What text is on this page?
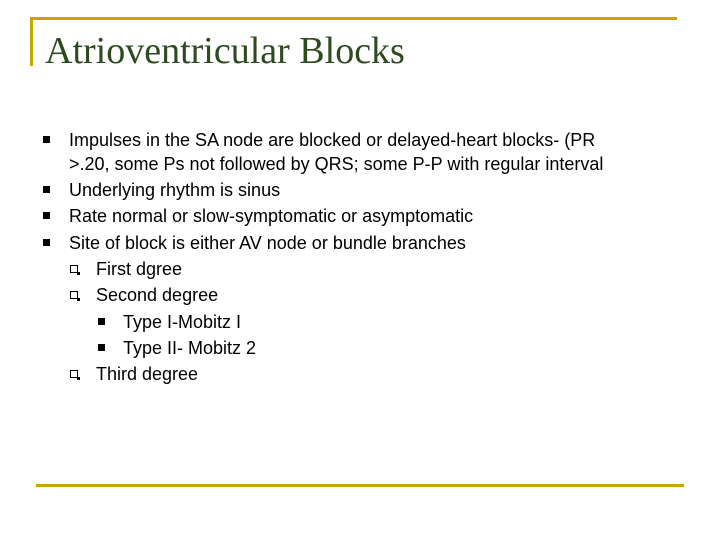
Atrioventricular Blocks
Impulses in the SA node are blocked or delayed-heart blocks- (PR
>.20, some Ps not followed by QRS; some P-P with regular interval
Underlying rhythm is sinus
Rate normal or slow-symptomatic or asymptomatic
Site of block is either AV node or bundle branches
First dgree
Second degree
Type I-Mobitz I
Type II- Mobitz 2
Third degree
